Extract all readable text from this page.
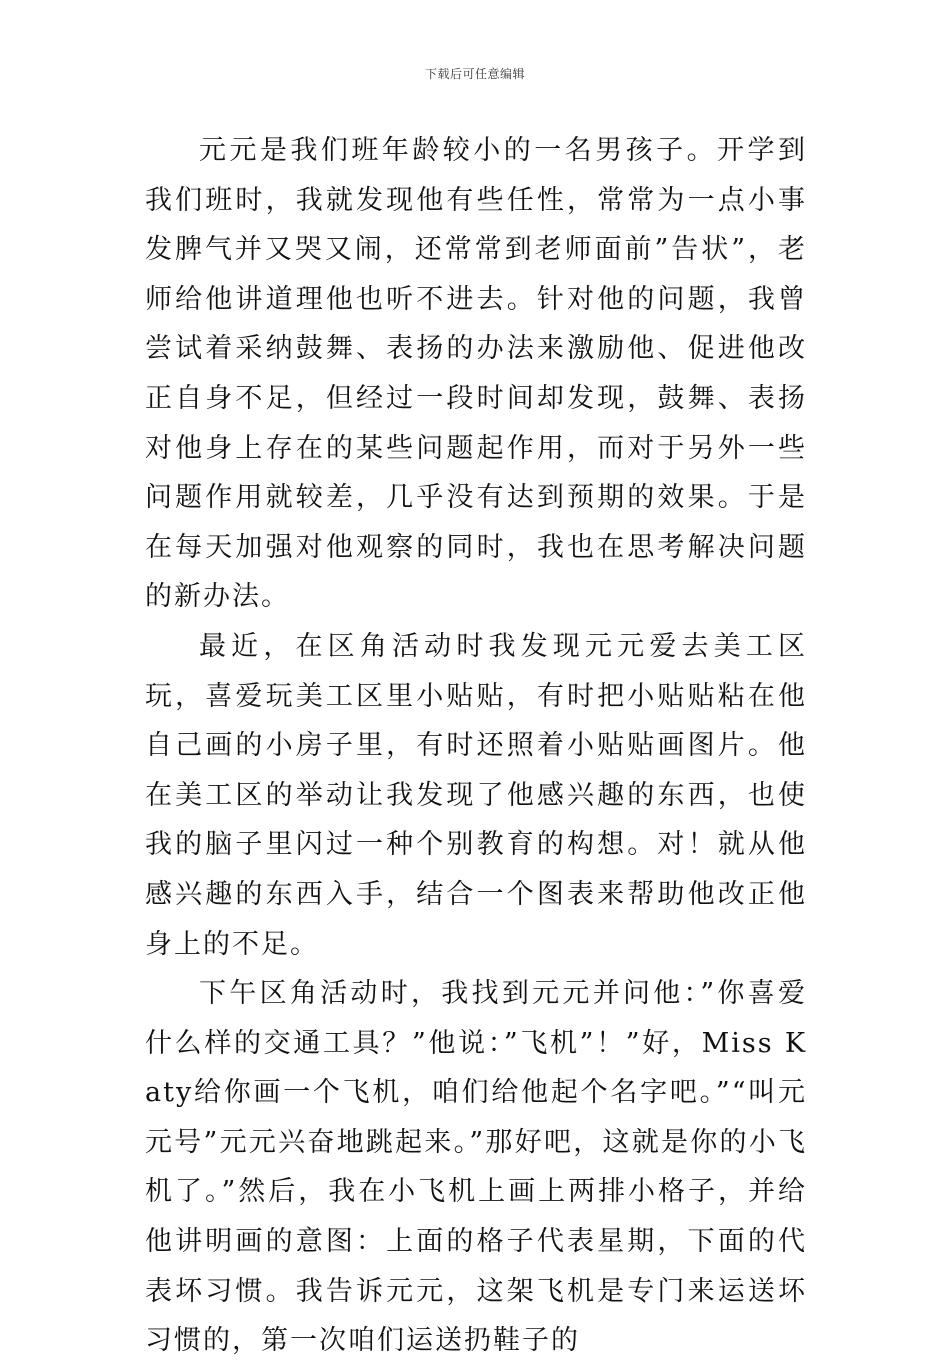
下载后可任意编辑

元元是我们班年龄较小的一名男孩子。开学到我们班时，我就发现他有些任性，常常为一点小事发脾气并又哭又闹，还常常到老师面前”告状”，老师给他讲道理他也听不进去。针对他的问题，我曾尝试着采纳鼓舞、表扬的办法来激励他、促进他改正自身不足，但经过一段时间却发现，鼓舞、表扬对他身上存在的某些问题起作用，而对于另外一些问题作用就较差，几乎没有达到预期的效果。于是在每天加强对他观察的同时，我也在思考解决问题的新办法。

最近，在区角活动时我发现元元爱去美工区玩，喜爱玩美工区里小贴贴，有时把小贴贴粘在他自己画的小房子里，有时还照着小贴贴画图片。他在美工区的举动让我发现了他感兴趣的东西，也使我的脑子里闪过一种个别教育的构想。对！就从他感兴趣的东西入手，结合一个图表来帮助他改正他身上的不足。

下午区角活动时，我找到元元并问他：”你喜爱什么样的交通工具？”他说：”飞机”！”好，Miss Katy给你画一个飞机，咱们给他起个名字吧。”“叫元元号”元元兴奋地跳起来。”那好吧，这就是你的小飞机了。”然后，我在小飞机上画上两排小格子，并给他讲明画的意图：上面的格子代表星期，下面的代表坏习惯。我告诉元元，这架飞机是专门来运送坏习惯的，第一次咱们运送扔鞋子的
